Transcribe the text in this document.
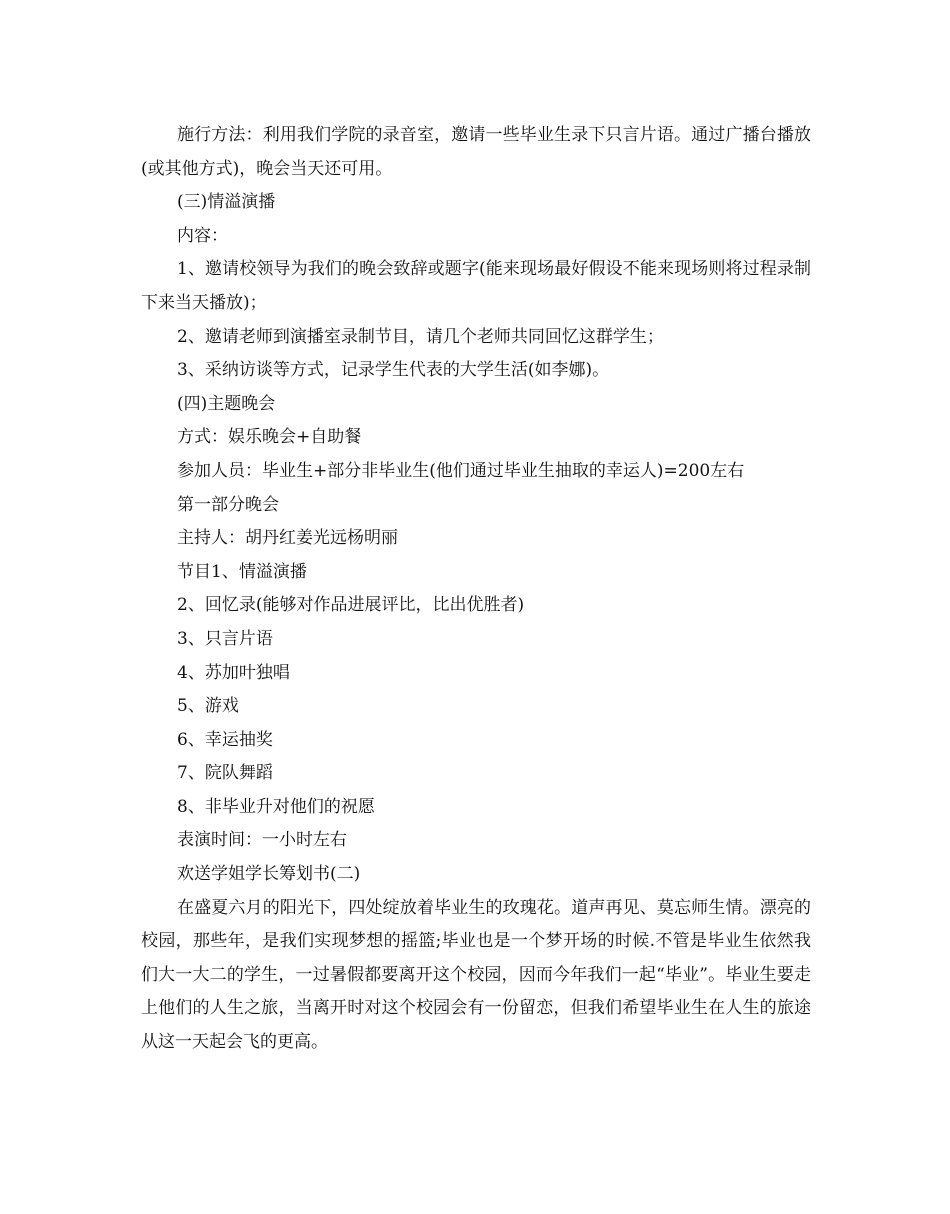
施行方法：利用我们学院的录音室，邀请一些毕业生录下只言片语。通过广播台播放(或其他方式)，晚会当天还可用。

(三)情溢演播

内容：

1、邀请校领导为我们的晚会致辞或题字(能来现场最好假设不能来现场则将过程录制下来当天播放)；

2、邀请老师到演播室录制节目，请几个老师共同回忆这群学生；

3、采纳访谈等方式，记录学生代表的大学生活(如李娜)。

(四)主题晚会

方式：娱乐晚会+自助餐

参加人员：毕业生+部分非毕业生(他们通过毕业生抽取的幸运人)=200左右

第一部分晚会

主持人：胡丹红姜光远杨明丽

节目1、情溢演播

2、回忆录(能够对作品进展评比，比出优胜者)

3、只言片语

4、苏加叶独唱

5、游戏

6、幸运抽奖

7、院队舞蹈

8、非毕业升对他们的祝愿

表演时间：一小时左右

欢送学姐学长筹划书(二)

在盛夏六月的阳光下，四处绽放着毕业生的玫瑰花。道声再见、莫忘师生情。漂亮的校园，那些年，是我们实现梦想的摇篮;毕业也是一个梦开场的时候.不管是毕业生依然我们大一大二的学生，一过暑假都要离开这个校园，因而今年我们一起“毕业”。毕业生要走上他们的人生之旅，当离开时对这个校园会有一份留恋，但我们希望毕业生在人生的旅途从这一天起会飞的更高。
